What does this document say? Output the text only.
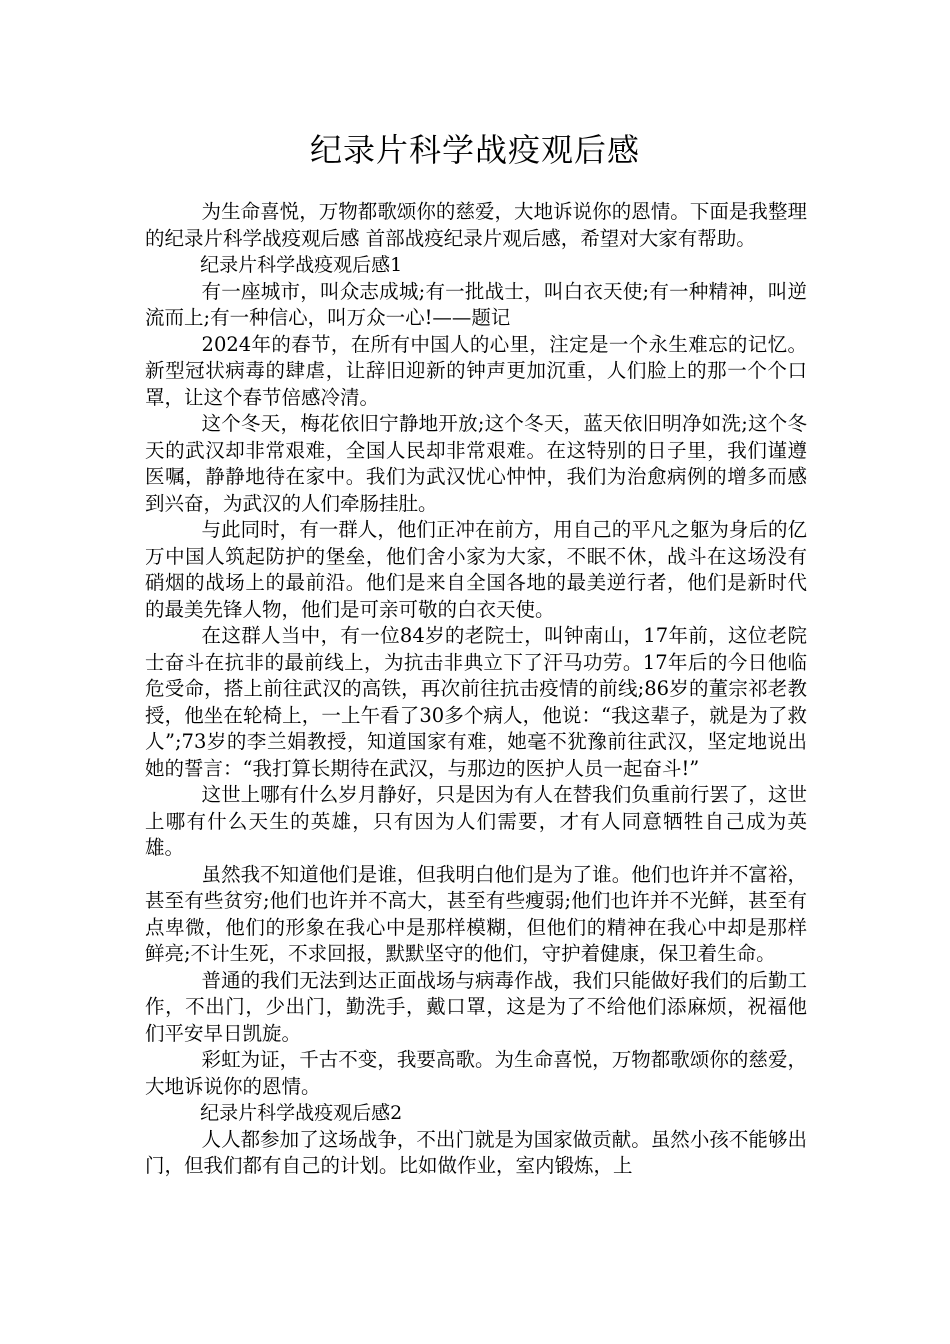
纪录片科学战疫观后感

为生命喜悦，万物都歌颂你的慈爱，大地诉说你的恩情。下面是我整理的纪录片科学战疫观后感 首部战疫纪录片观后感，希望对大家有帮助。

纪录片科学战疫观后感1

有一座城市，叫众志成城;有一批战士，叫白衣天使;有一种精神，叫逆流而上;有一种信心，叫万众一心!——题记

2024年的春节，在所有中国人的心里，注定是一个永生难忘的记忆。新型冠状病毒的肆虐，让辞旧迎新的钟声更加沉重，人们脸上的那一个个口罩，让这个春节倍感冷清。

这个冬天，梅花依旧宁静地开放;这个冬天，蓝天依旧明净如洗;这个冬天的武汉却非常艰难，全国人民却非常艰难。在这特别的日子里，我们谨遵医嘱，静静地待在家中。我们为武汉忧心忡忡，我们为治愈病例的增多而感到兴奋，为武汉的人们牵肠挂肚。

与此同时，有一群人，他们正冲在前方，用自己的平凡之躯为身后的亿万中国人筑起防护的堡垒，他们舍小家为大家，不眠不休，战斗在这场没有硝烟的战场上的最前沿。他们是来自全国各地的最美逆行者，他们是新时代的最美先锋人物，他们是可亲可敬的白衣天使。

在这群人当中，有一位84岁的老院士，叫钟南山，17年前，这位老院士奋斗在抗非的最前线上，为抗击非典立下了汗马功劳。17年后的今日他临危受命，搭上前往武汉的高铁，再次前往抗击疫情的前线;86岁的董宗祁老教授，他坐在轮椅上，一上午看了30多个病人，他说：“我这辈子，就是为了救人”;73岁的李兰娟教授，知道国家有难，她毫不犹豫前往武汉，坚定地说出她的誓言：“我打算长期待在武汉，与那边的医护人员一起奋斗!”

这世上哪有什么岁月静好，只是因为有人在替我们负重前行罢了，这世上哪有什么天生的英雄，只有因为人们需要，才有人同意牺牲自己成为英雄。

虽然我不知道他们是谁，但我明白他们是为了谁。他们也许并不富裕，甚至有些贫穷;他们也许并不高大，甚至有些瘦弱;他们也许并不光鲜，甚至有点卑微，他们的形象在我心中是那样模糊，但他们的精神在我心中却是那样鲜亮;不计生死，不求回报，默默坚守的他们，守护着健康，保卫着生命。

普通的我们无法到达正面战场与病毒作战，我们只能做好我们的后勤工作，不出门，少出门，勤洗手，戴口罩，这是为了不给他们添麻烦，祝福他们平安早日凯旋。

彩虹为证，千古不变，我要高歌。为生命喜悦，万物都歌颂你的慈爱，大地诉说你的恩情。

纪录片科学战疫观后感2

人人都参加了这场战争，不出门就是为国家做贡献。虽然小孩不能够出门，但我们都有自己的计划。比如做作业，室内锻炼，上
